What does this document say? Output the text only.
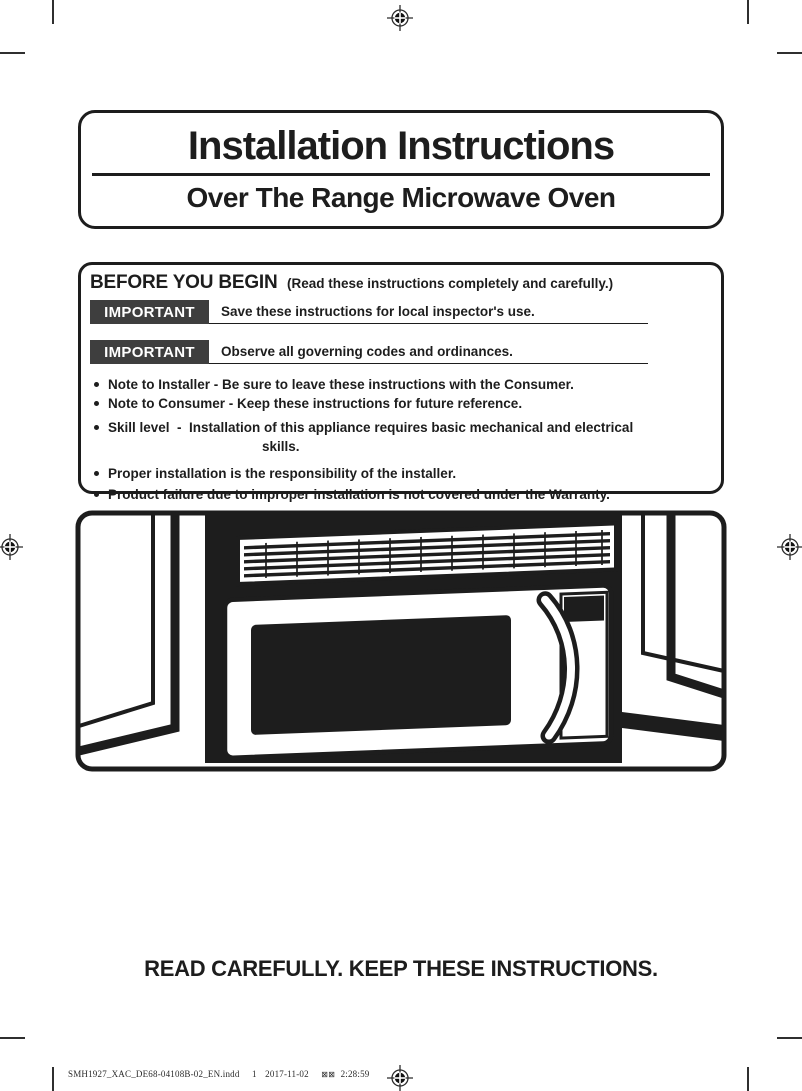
Installation Instructions
Over The Range Microwave Oven
BEFORE YOU BEGIN (Read these instructions completely and carefully.)
IMPORTANT	Save these instructions for local inspector's use.
IMPORTANT	Observe all governing codes and ordinances.
Note to Installer - Be sure to leave these instructions with the Consumer.
Note to Consumer - Keep these instructions for future reference.
Skill level  -  Installation of this appliance requires basic mechanical and electrical
skills.
Proper installation is the responsibility of the installer.
Product failure due to improper installation is not covered under the Warranty.
READ CAREFULLY. KEEP THESE INSTRUCTIONS.
SMH1927_XAC_DE68-04108B-02_EN.indd 1 2017-11-02 ⊠⊠ 2:28:59
